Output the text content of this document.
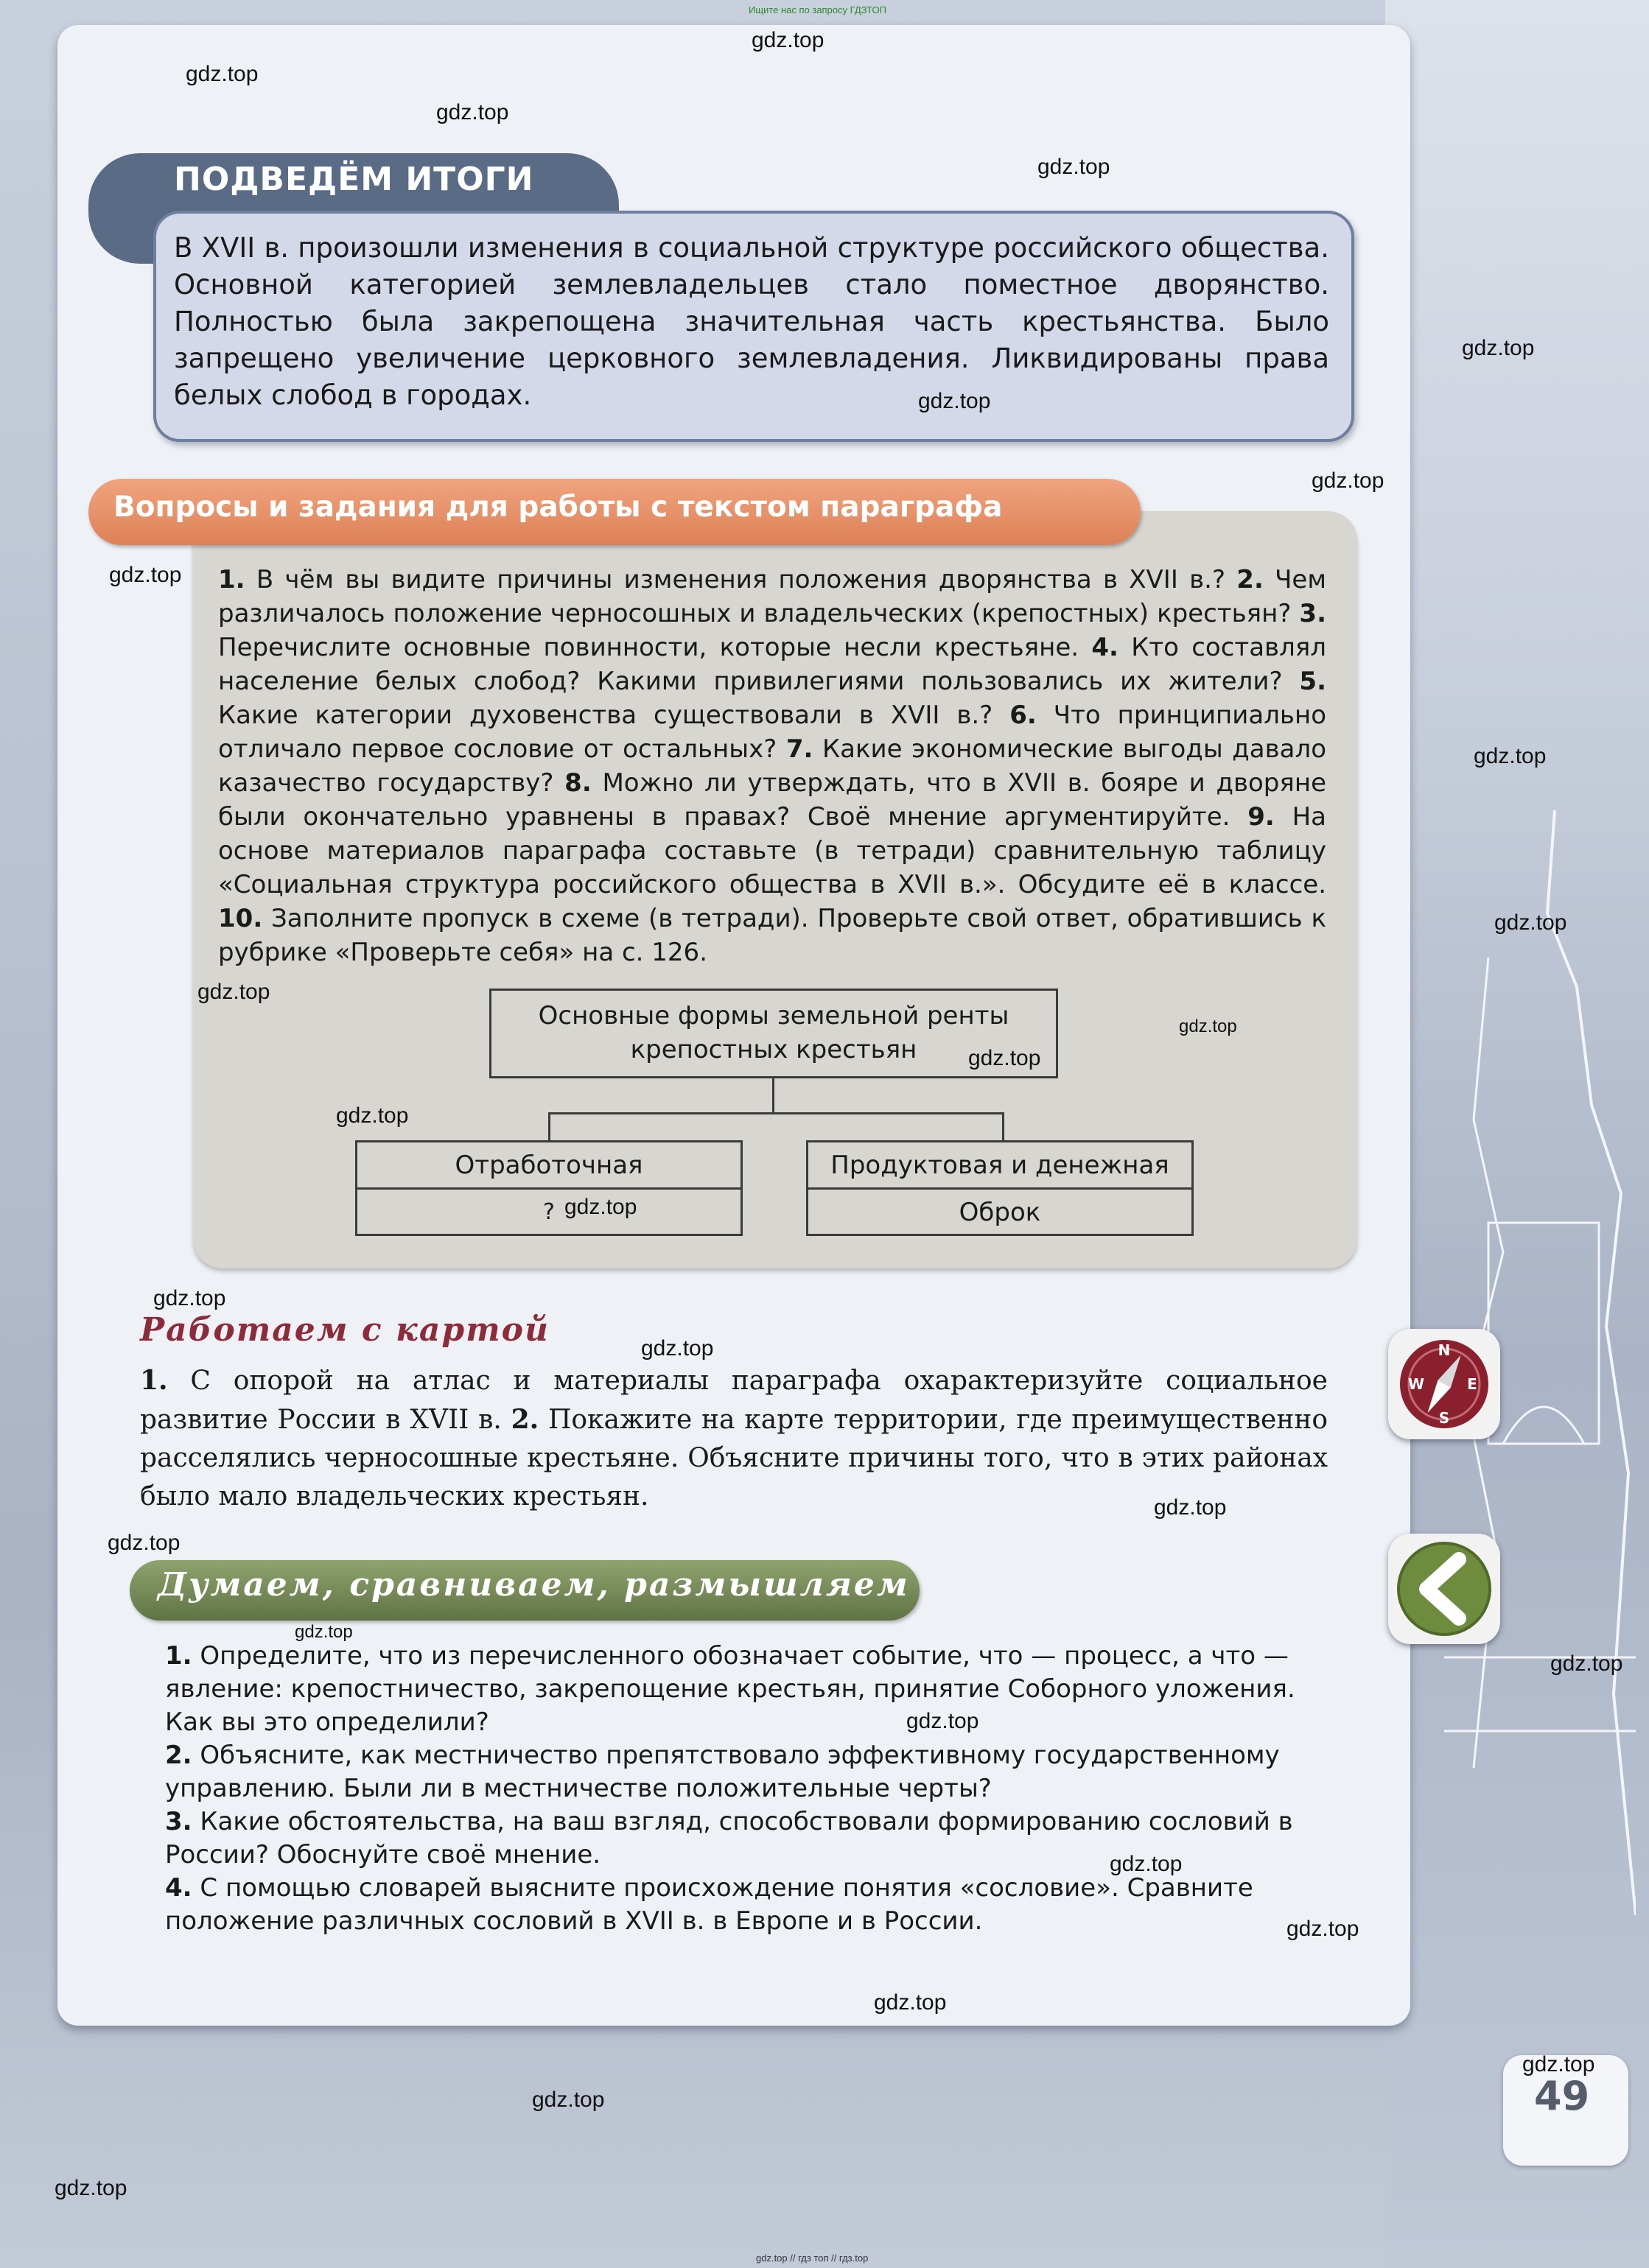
Ищите нас по запросу ГДЗТОП
ПОДВЕДЁМ ИТОГИ
В XVII в. произошли изменения в социальной структуре российского общества. Основной категорией землевладельцев стало поместное дворянство. Полностью была закрепощена значительная часть крестьянства. Было запрещено увеличение церковного землевладения. Ликвидированы права белых слобод в городах.
Вопросы и задания для работы с текстом параграфа
1. В чём вы видите причины изменения положения дворянства в XVII в.? 2. Чем различалось положение черносошных и владельческих (крепостных) крестьян? 3. Перечислите основные повинности, которые несли крестьяне. 4. Кто составлял население белых слобод? Какими привилегиями пользовались их жители? 5. Какие категории духовенства существовали в XVII в.? 6. Что принципиально отличало первое сословие от остальных? 7. Какие экономические выгоды давало казачество государству? 8. Можно ли утверждать, что в XVII в. бояре и дворяне были окончательно уравнены в правах? Своё мнение аргументируйте. 9. На основе материалов параграфа составьте (в тетради) сравнительную таблицу «Социальная структура российского общества в XVII в.». Обсудите её в классе. 10. Заполните пропуск в схеме (в тетради). Проверьте свой ответ, обратившись к рубрике «Проверьте себя» на с. 126.
Основные формы земельной ренты крепостных крестьян
Отработочная
?
Продуктовая и денежная
Оброк
Работаем с картой
1. С опорой на атлас и материалы параграфа охарактеризуйте социальное развитие России в XVII в. 2. Покажите на карте территории, где преимущественно расселялись черносошные крестьяне. Объясните причины того, что в этих районах было мало владельческих крестьян.
Думаем, сравниваем, размышляем

1. Определите, что из перечисленного обозначает событие, что — процесс, а что — явление: крепостничество, закрепощение крестьян, принятие Соборного уложения. Как вы это определили?

2. Объясните, как местничество препятствовало эффективному государственному управлению. Были ли в местничестве положительные черты?

3. Какие обстоятельства, на ваш взгляд, способствовали формированию сословий в России? Обоснуйте своё мнение.

4. С помощью словарей выясните происхождение понятия «сословие». Сравните положение различных сословий в XVII в. в Европе и в России.

N
E
S
W
49
gdz.top
gdz.top
gdz.top
gdz.top
gdz.top
gdz.top
gdz.top
gdz.top
gdz.top
gdz.top
gdz.top
gdz.top
gdz.top
gdz.top
gdz.top
gdz.top
gdz.top
gdz.top
gdz.top
gdz.top
gdz.top
gdz.top
gdz.top
gdz.top
gdz.top
gdz.top
gdz.top
gdz.top
gdz.top // гдз топ // гдз.top
